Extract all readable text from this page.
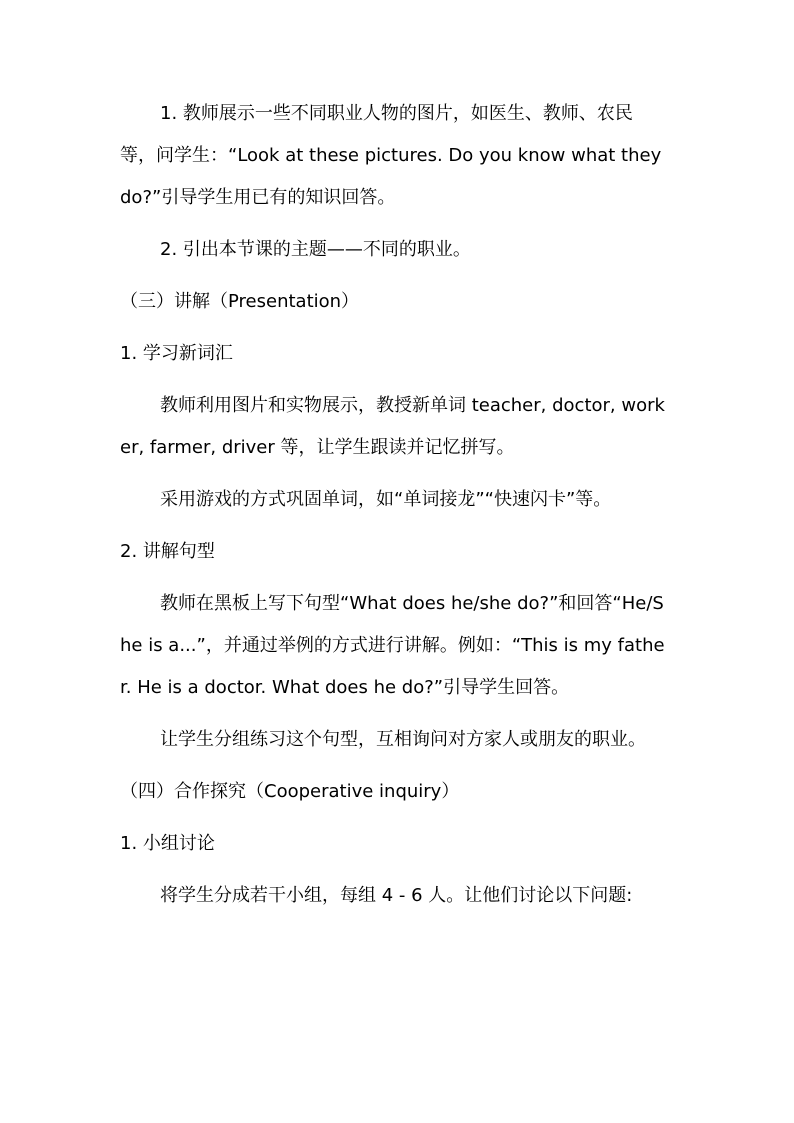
1. 教师展示一些不同职业人物的图片，如医生、教师、农民等，问学生：“Look at these pictures. Do you know what they do?”引导学生用已有的知识回答。

2. 引出本节课的主题——不同的职业。

（三）讲解（Presentation）

1. 学习新词汇

教师利用图片和实物展示，教授新单词 teacher, doctor, worker, farmer, driver 等，让学生跟读并记忆拼写。

采用游戏的方式巩固单词，如“单词接龙”“快速闪卡”等。

2. 讲解句型

教师在黑板上写下句型“What does he/she do?”和回答“He/She is a...”，并通过举例的方式进行讲解。例如：“This is my father. He is a doctor. What does he do?”引导学生回答。

让学生分组练习这个句型，互相询问对方家人或朋友的职业。

（四）合作探究（Cooperative inquiry）

1. 小组讨论

将学生分成若干小组，每组 4 - 6 人。让他们讨论以下问题:
